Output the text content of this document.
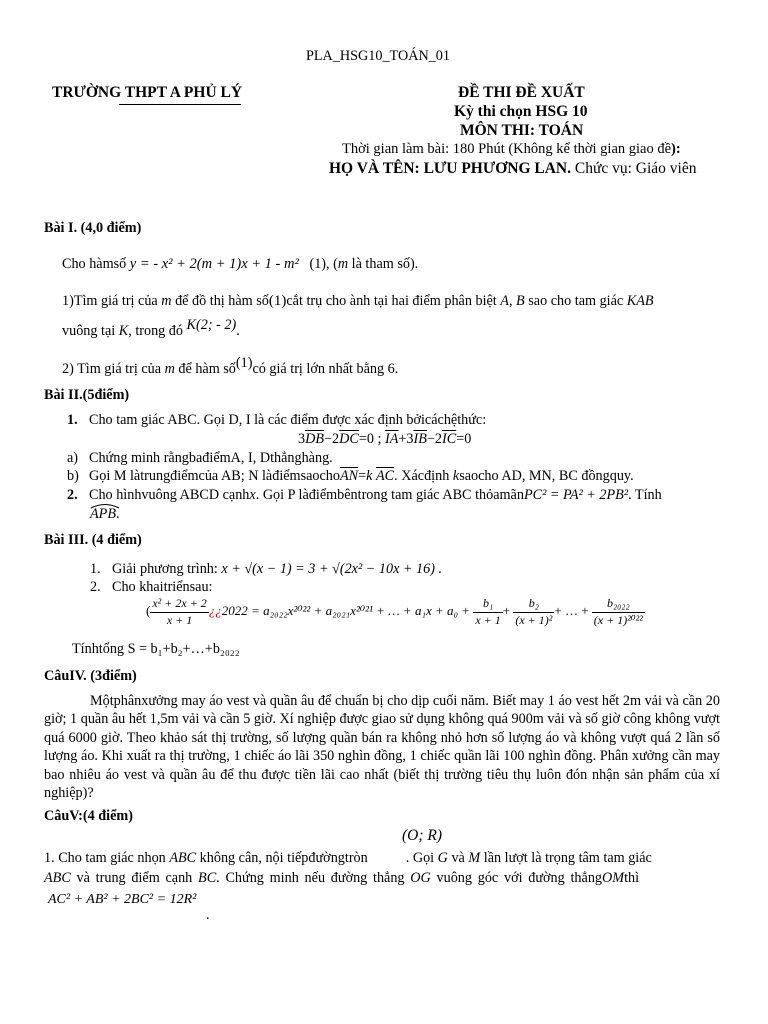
PLA_HSG10_TOÁN_01
TRƯỜNG THPT A PHỦ LÝ	ĐỀ THI ĐỀ XUẤT
Kỳ thi chọn HSG 10
MÔN THI: TOÁN
Thời gian làm bài: 180 Phút (Không kể thời gian giao đề):
HỌ VÀ TÊN: LƯU PHƯƠNG LAN. Chức vụ: Giáo viên
Bài I. (4,0 điểm)
Cho hàmsố y = - x² + 2(m + 1)x + 1 - m² (1), (m là tham số).
1)Tìm giá trị của m để đồ thị hàm số(1)cắt trụ cho ành tại hai điểm phân biệt A, B sao cho tam giác KAB
vuông tại K, trong đó K(2; - 2).
2) Tìm giá trị của m để hàm số(1)có giá trị lớn nhất bằng 6.
Bài II.(5điểm)
1. Cho tam giác ABC. Gọi D, I là các điểm được xác định bởicáchệthức:
$3\overline{DB}-2\overline{DC}=0$ ; $\overline{IA}+3\overline{IB}-2\overline{IC}=0$
a) Chứng minh rằngbađiểmA, I, Dthẳnghàng.
b) Gọi M làtrungđiểmcủa AB; N $làđiểmsaocho\overline{AN}=k$ $\overline{AC}$. Xácđịnh ksaocho AD, MN, BC đồngquy.
2. Cho hìnhvuông ABCD cạnhx. Gọi P làđiểmbêntrong tam giác ABC thỏamãnPC² = PA² + 2PB². Tính
APB.
Bài III. (4 điểm)
1. Giải phương trình: x + √(x − 1) = 3 + √(2x² − 10x + 16) .
2. Cho khaitriểnsau:
( $\frac{\text{x² + 2x + 2}}{x + 1}$ ¿¿2022 = a₂₀₂₂x²⁰²² + a₂₀₂₁x²⁰²¹ + … + $a_1x + a_0 + \frac{\text{b₁}}{x + 1} + \frac{\text{b₂}}{\text{(x + 1)²}}$ + … + $\frac{\text{b₂₀₂₂}}{\text{(x + 1)²⁰²²}}$
Tínhtổng S = b₁+b₂+…+b₂₀₂₂
CâuIV. (3điểm)
Mộtphânxưởng may áo vest và quần âu để chuẩn bị cho dịp cuối năm. Biết may 1 áo vest hết 2m vải và cần 20 giờ; 1 quần âu hết 1,5m vải và cần 5 giờ. Xí nghiệp được giao sử dụng không quá 900m vải và số giờ công không vượt quá 6000 giờ. Theo khảo sát thị trường, số lượng quần bán ra không nhỏ hơn số lượng áo và không vượt quá 2 lần số lượng áo. Khi xuất ra thị trường, 1 chiếc áo lãi 350 nghìn đồng, 1 chiếc quần lãi 100 nghìn đồng. Phân xưởng cần may bao nhiêu áo vest và quần âu để thu được tiền lãi cao nhất (biết thị trường tiêu thụ luôn đón nhận sản phẩm của xí nghiệp)?
CâuV:(4 điểm)
(O; R)
1. Cho tam giác nhọn ABC không cân, nội tiếpđườngtròn	. Gọi G và M lần lượt là trọng tâm tam giác
ABC và trung điểm cạnh BC. Chứng minh nếu đường thẳng OG vuông góc với đường thẳngOMthì
AC² + AB² + 2BC² = 12R²
.
